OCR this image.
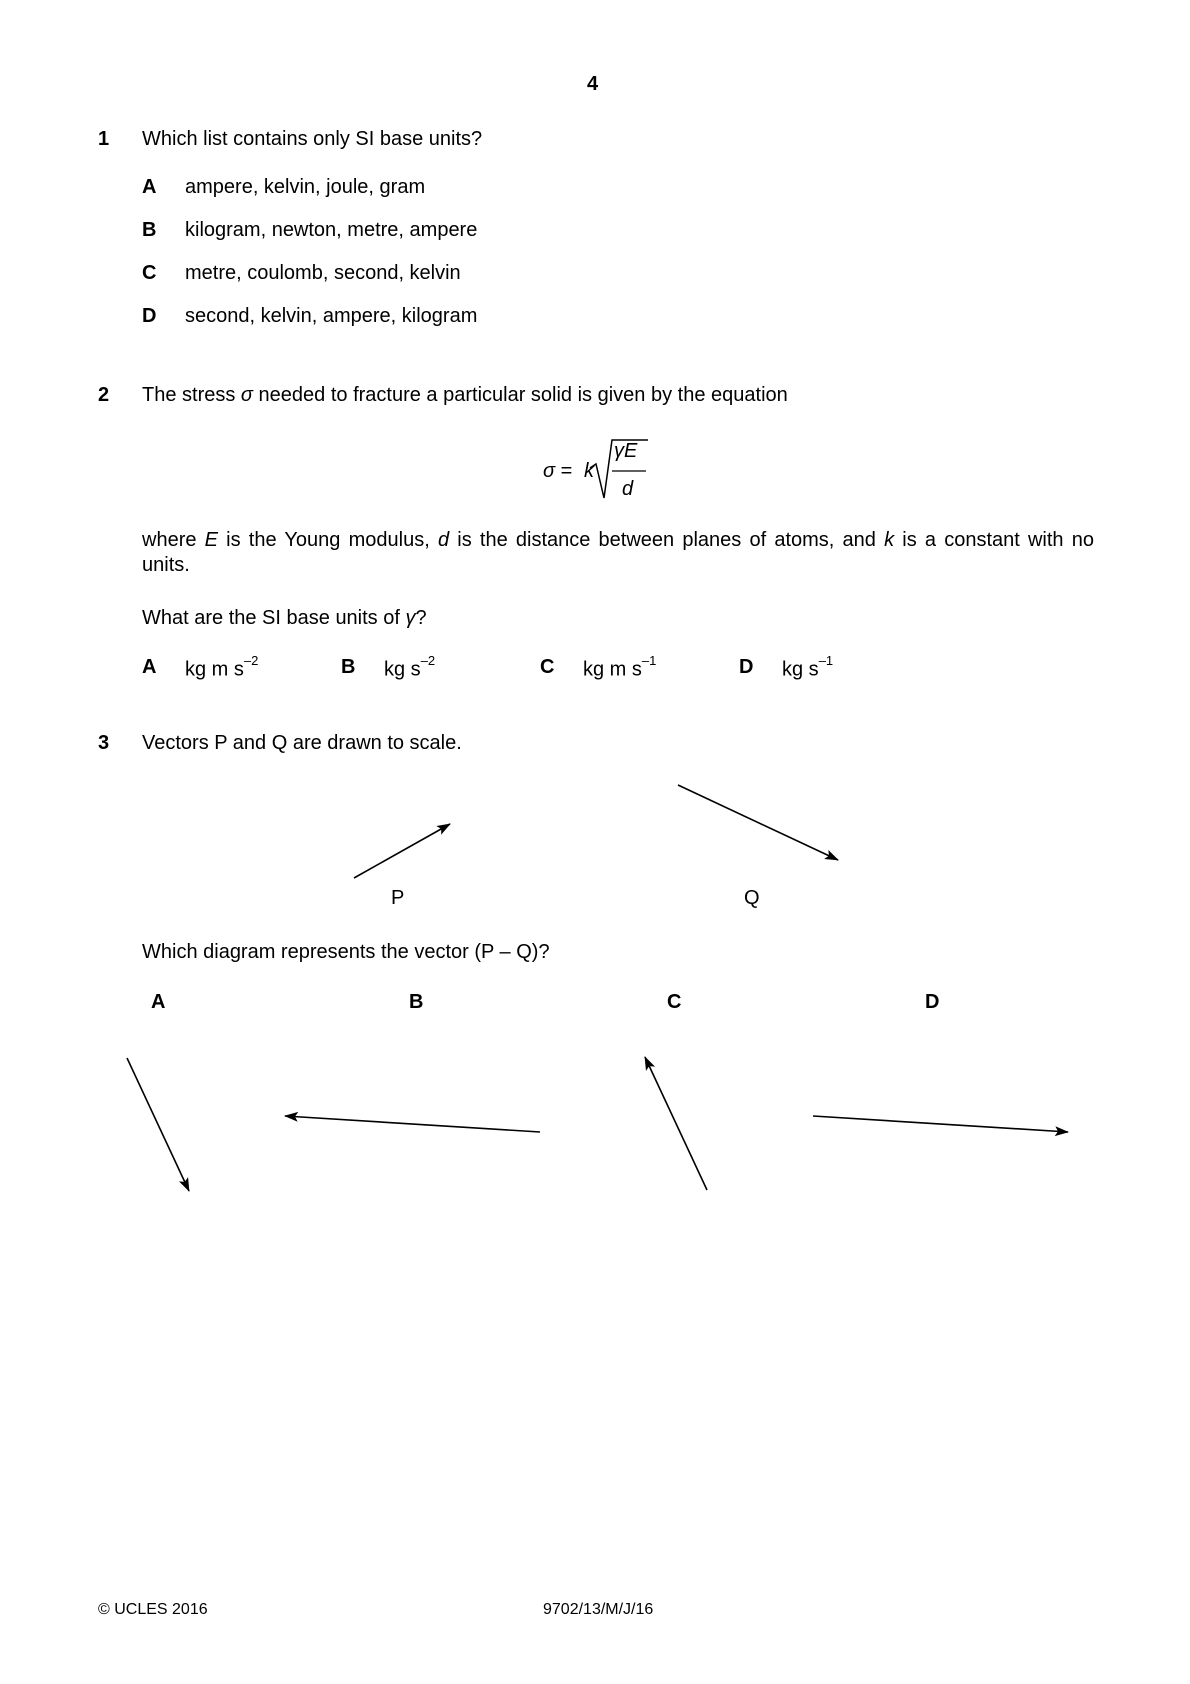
4
1 Which list contains only SI base units?
A ampere, kelvin, joule, gram
B kilogram, newton, metre, ampere
C metre, coulomb, second, kelvin
D second, kelvin, ampere, kilogram
2 The stress σ needed to fracture a particular solid is given by the equation
σ = k
γE
d
where E is the Young modulus, d is the distance between planes of atoms, and k is a constant with no units.
What are the SI base units of γ?
A kg m $s^{-2}$	B kg $s^{-2}$	C kg m $s^{-1}$	D kg $s^{-1}$
3 Vectors P and Q are drawn to scale.
P	Q
Which diagram represents the vector (P – Q)?
A	B	C	D
© UCLES 2016	9702/13/M/J/16
